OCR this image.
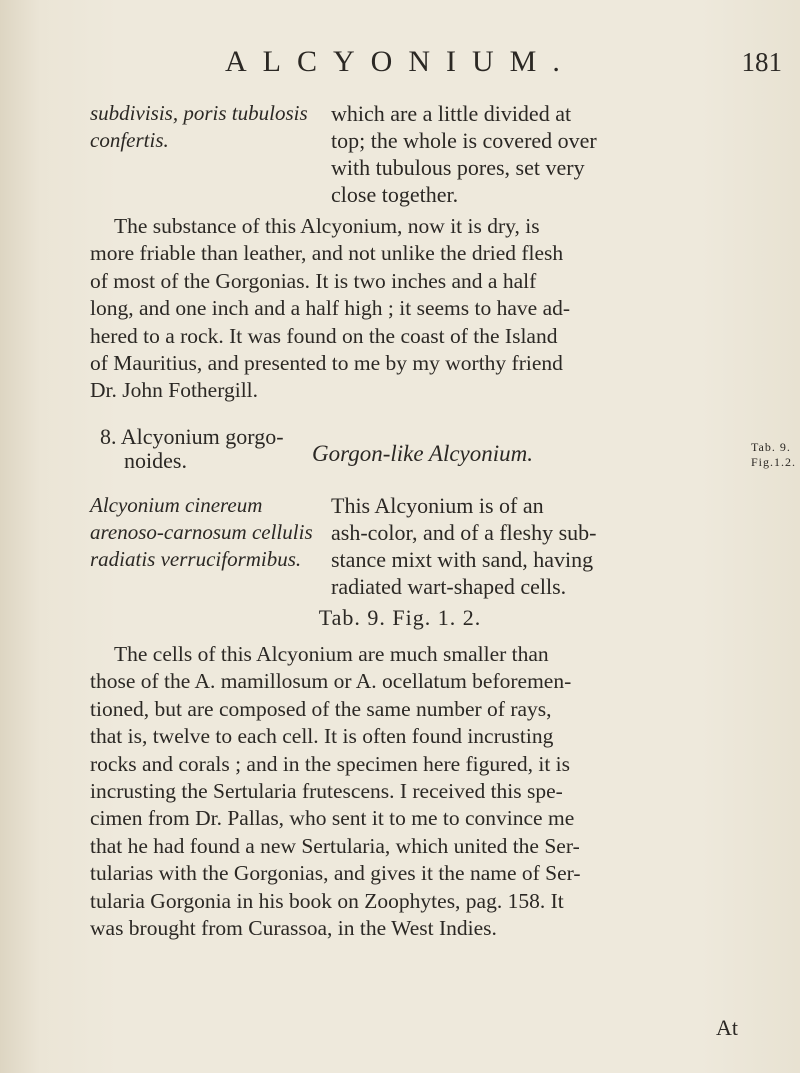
ALCYONIUM.	181
subdivisis, poris tubulosis
confertis.
which are a little divided at
top; the whole is covered over
with tubulous pores, set very
close together.
The substance of this Alcyonium, now it is dry, is
more friable than leather, and not unlike the dried flesh
of most of the Gorgonias. It is two inches and a half
long, and one inch and a half high ; it seems to have ad-
hered to a rock. It was found on the coast of the Island
of Mauritius, and presented to me by my worthy friend
Dr. John Fothergill.
8. Alcyonium gorgo-
noides.	Gorgon-like Alcyonium.	Tab. 9.
Fig.1.2.
Alcyonium cinereum
arenoso-carnosum cellulis
radiatis verruciformibus.
This Alcyonium is of an
ash-color, and of a fleshy sub-
stance mixt with sand, having
radiated wart-shaped cells.
Tab. 9. Fig. 1. 2.
The cells of this Alcyonium are much smaller than
those of the A. mamillosum or A. ocellatum beforemen-
tioned, but are composed of the same number of rays,
that is, twelve to each cell. It is often found incrusting
rocks and corals ; and in the specimen here figured, it is
incrusting the Sertularia frutescens. I received this spe-
cimen from Dr. Pallas, who sent it to me to convince me
that he had found a new Sertularia, which united the Ser-
tularias with the Gorgonias, and gives it the name of Ser-
tularia Gorgonia in his book on Zoophytes, pag. 158. It
was brought from Curassoa, in the West Indies.
At
